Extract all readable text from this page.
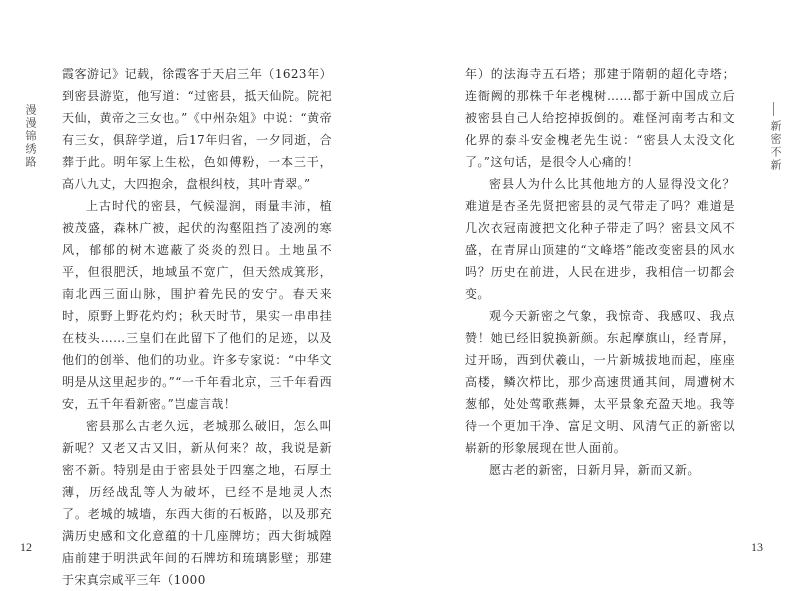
漫漫锦绣路

霞客游记》记载，徐霞客于天启三年（1623年）到密县游览，他写道：“过密县，抵天仙院。院祀天仙，黄帝之三女也。”《中州杂俎》中说：“黄帝有三女，俱辞学道，后17年归省，一夕同逝，合葬于此。明年冢上生松，色如傅粉，一本三干，高八九丈，大四抱余，盘根纠枝，其叶青翠。”

上古时代的密县，气候湿润，雨量丰沛，植被茂盛，森林广被，起伏的沟壑阻挡了凌冽的寒风，郁郁的树木遮蔽了炎炎的烈日。土地虽不平，但很肥沃，地域虽不宽广，但天然成箕形，南北西三面山脉，围护着先民的安宁。春天来时，原野上野花灼灼；秋天时节，果实一串串挂在枝头……三皇们在此留下了他们的足迹，以及他们的创举、他们的功业。许多专家说：“中华文明是从这里起步的。”“一千年看北京，三千年看西安，五千年看新密。”岂虚言哉！

密县那么古老久远，老城那么破旧，怎么叫新呢？又老又古又旧，新从何来？故，我说是新密不新。特别是由于密县处于四塞之地，石厚土薄，历经战乱等人为破坏，已经不是地灵人杰了。老城的城墙，东西大街的石板路，以及那充满历史感和文化意蕴的十几座牌坊；西大街城隍庙前建于明洪武年间的石牌坊和琉璃影壁；那建于宋真宗咸平三年（1000

12
新密不新

年）的法海寺五石塔；那建于隋朝的超化寺塔；连衙阙的那株千年老槐树……都于新中国成立后被密县自己人给挖掉扳倒的。难怪河南考古和文化界的泰斗安金槐老先生说：“密县人太没文化了。”这句话，是很令人心痛的！

密县人为什么比其他地方的人显得没文化？难道是杏圣先贤把密县的灵气带走了吗？难道是几次衣冠南渡把文化种子带走了吗？密县文风不盛，在青屏山顶建的“文峰塔”能改变密县的风水吗？历史在前进，人民在进步，我相信一切都会变。

观今天新密之气象，我惊奇、我感叹、我点赞！她已经旧貌换新颜。东起摩旗山，经青屏，过开旸，西到伏羲山，一片新城拔地而起，座座高楼，鳞次栉比，那少高速贯通其间，周遭树木葱郁，处处莺歌燕舞，太平景象充盈天地。我等待一个更加干净、富足文明、风清气正的新密以崭新的形象展现在世人面前。

愿古老的新密，日新月异，新而又新。

13
